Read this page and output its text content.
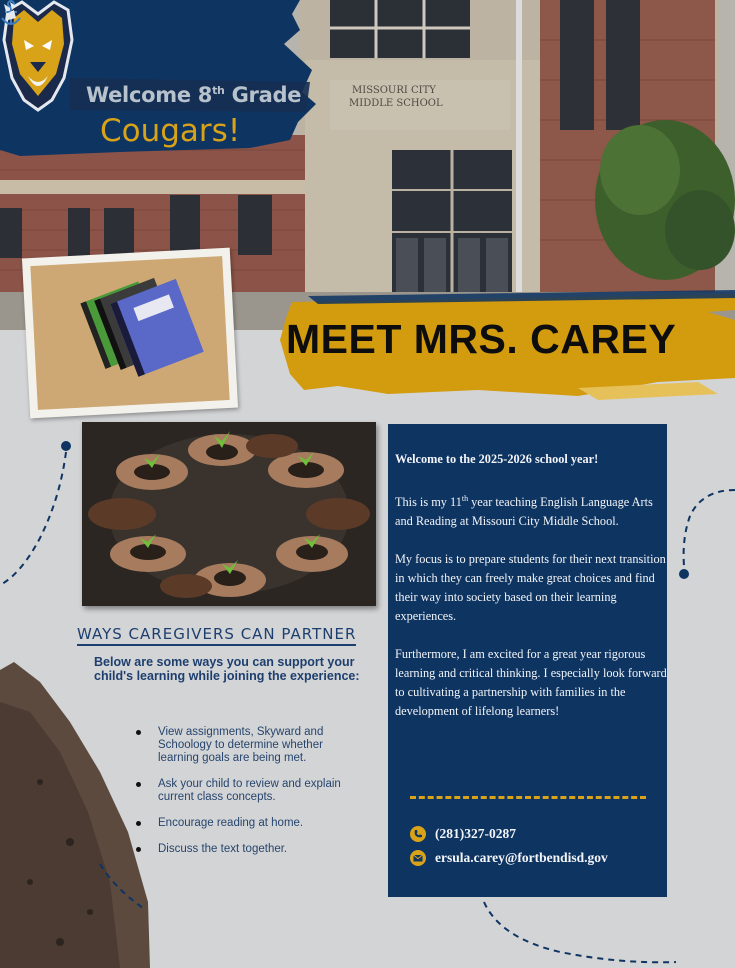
MISSOURI CITY
MIDDLE SCHOOL
Welcome 8th Grade
Cougars!
MEET MRS. CAREY
WAYS CAREGIVERS CAN PARTNER
Below are some ways you can support your child's learning while joining the experience:
View assignments, Skyward and Schoology to determine whether learning goals are being met.
Ask your child to review and explain current class concepts.
Encourage reading at home.
Discuss the text together.

Welcome to the 2025-2026 school year!

This is my 11th year teaching English Language Arts and Reading at Missouri City Middle School.

My focus is to prepare students for their next transition in which they can freely make great choices and find their way into society based on their learning experiences.

Furthermore, I am excited for a great year rigorous learning and critical thinking. I especially look forward to cultivating a partnership with families in the development of lifelong learners!

(281)327-0287
ersula.carey@fortbendisd.gov
